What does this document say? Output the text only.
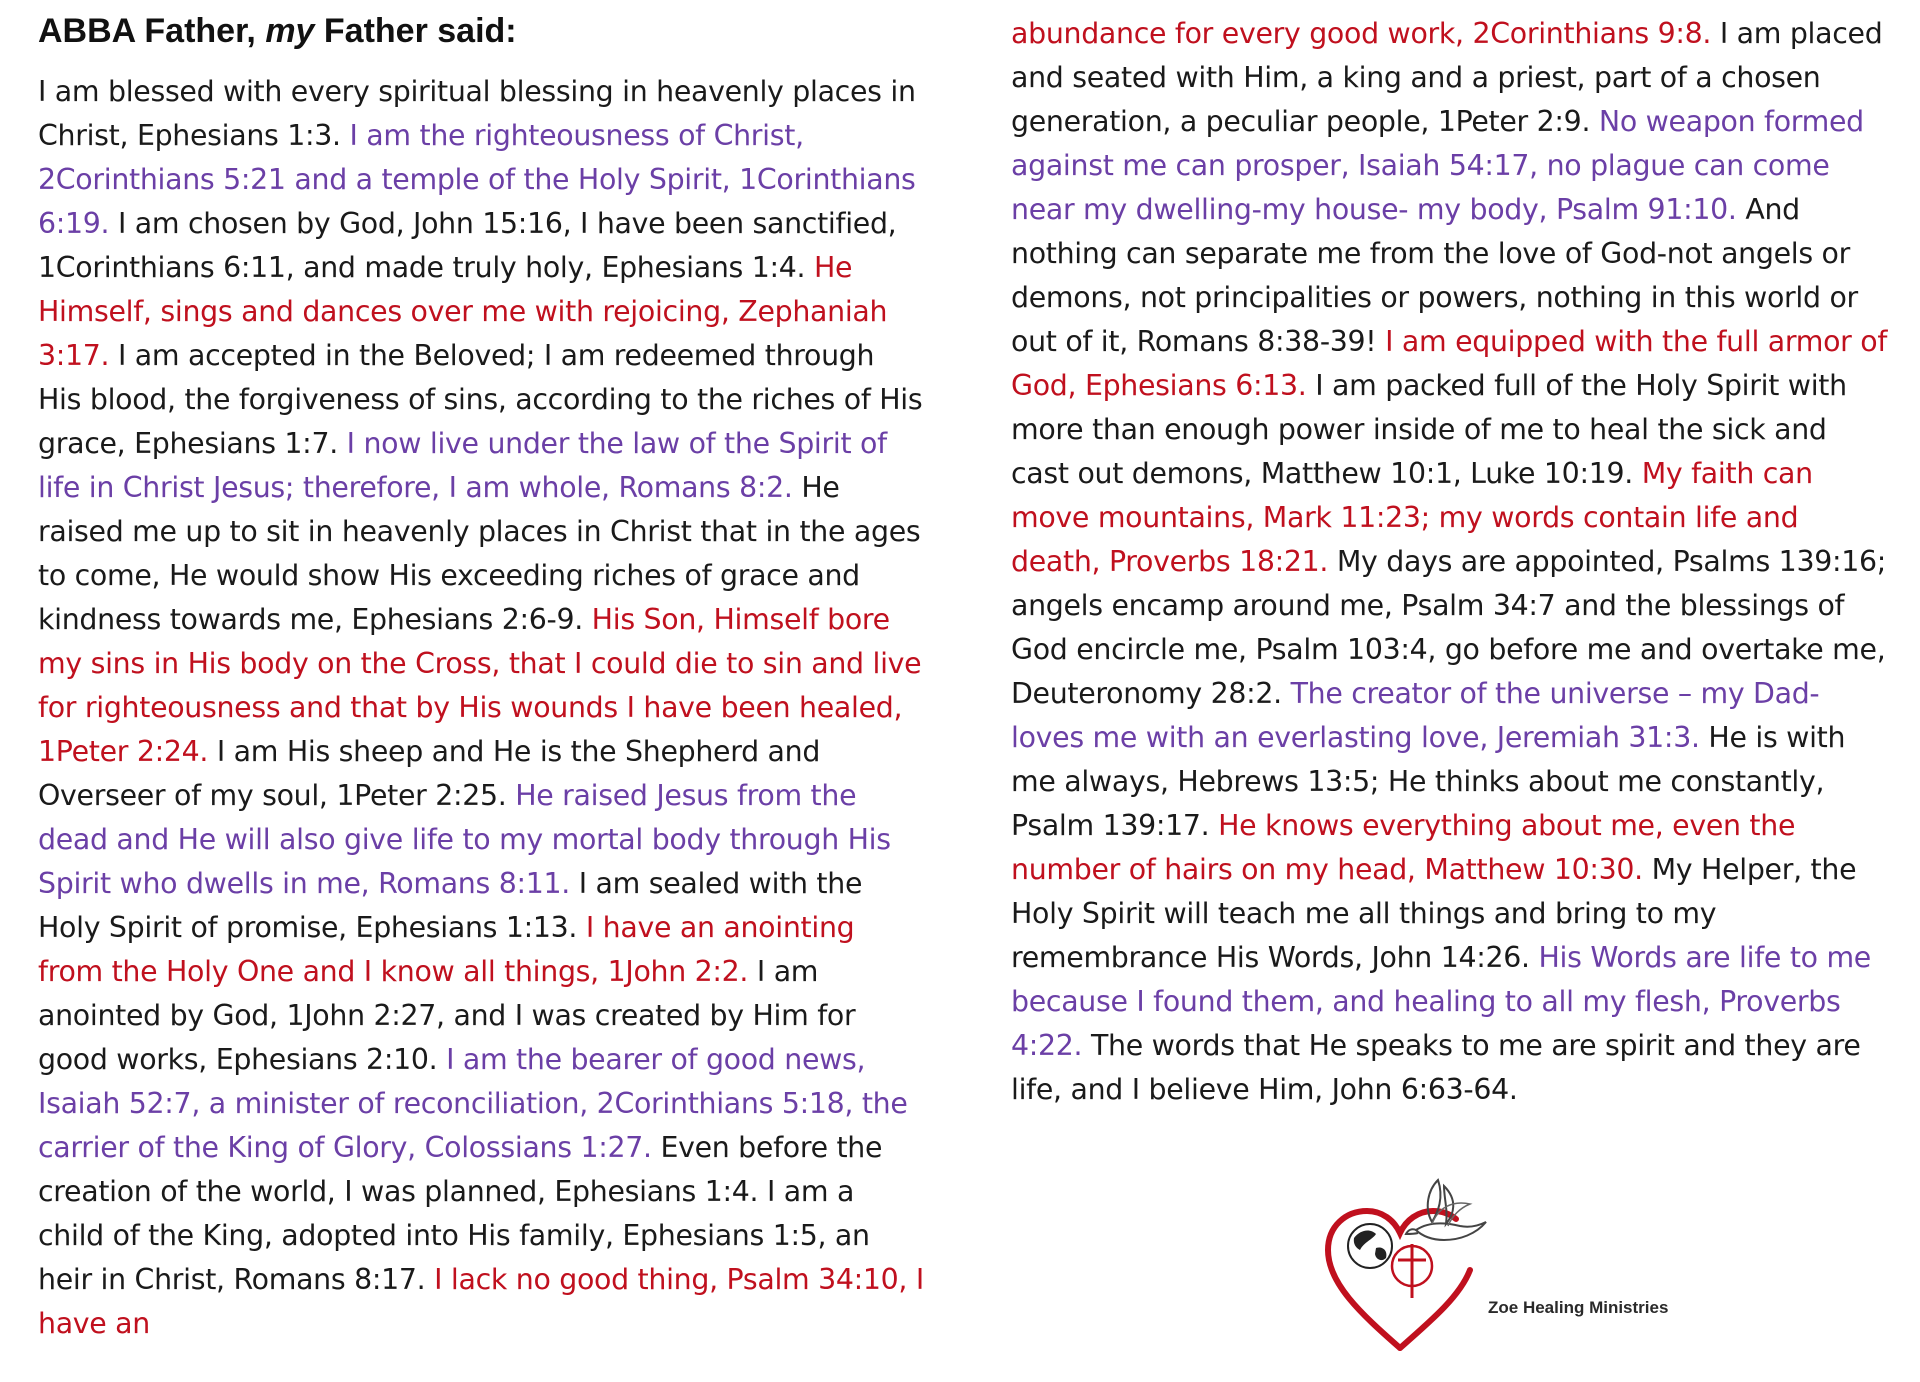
ABBA Father, my Father said:
I am blessed with every spiritual blessing in heavenly places in Christ, Ephesians 1:3. I am the righteousness of Christ, 2Corinthians 5:21 and a temple of the Holy Spirit, 1Corinthians 6:19. I am chosen by God, John 15:16, I have been sanctified, 1Corinthians 6:11, and made truly holy, Ephesians 1:4. He Himself, sings and dances over me with rejoicing, Zephaniah 3:17. I am accepted in the Beloved; I am redeemed through His blood, the forgiveness of sins, according to the riches of His grace, Ephesians 1:7. I now live under the law of the Spirit of life in Christ Jesus; therefore, I am whole, Romans 8:2. He raised me up to sit in heavenly places in Christ that in the ages to come, He would show His exceeding riches of grace and kindness towards me, Ephesians 2:6-9. His Son, Himself bore my sins in His body on the Cross, that I could die to sin and live for righteousness and that by His wounds I have been healed, 1Peter 2:24. I am His sheep and He is the Shepherd and Overseer of my soul, 1Peter 2:25. He raised Jesus from the dead and He will also give life to my mortal body through His Spirit who dwells in me, Romans 8:11. I am sealed with the Holy Spirit of promise, Ephesians 1:13. I have an anointing from the Holy One and I know all things, 1John 2:2. I am anointed by God, 1John 2:27, and I was created by Him for good works, Ephesians 2:10. I am the bearer of good news, Isaiah 52:7, a minister of reconciliation, 2Corinthians 5:18, the carrier of the King of Glory, Colossians 1:27. Even before the creation of the world, I was planned, Ephesians 1:4. I am a child of the King, adopted into His family, Ephesians 1:5, an heir in Christ, Romans 8:17. I lack no good thing, Psalm 34:10, I have an
abundance for every good work, 2Corinthians 9:8. I am placed and seated with Him, a king and a priest, part of a chosen generation, a peculiar people, 1Peter 2:9. No weapon formed against me can prosper, Isaiah 54:17, no plague can come near my dwelling-my house- my body, Psalm 91:10. And nothing can separate me from the love of God-not angels or demons, not principalities or powers, nothing in this world or out of it, Romans 8:38-39! I am equipped with the full armor of God, Ephesians 6:13. I am packed full of the Holy Spirit with more than enough power inside of me to heal the sick and cast out demons, Matthew 10:1, Luke 10:19. My faith can move mountains, Mark 11:23; my words contain life and death, Proverbs 18:21. My days are appointed, Psalms 139:16; angels encamp around me, Psalm 34:7 and the blessings of God encircle me, Psalm 103:4, go before me and overtake me, Deuteronomy 28:2. The creator of the universe – my Dad- loves me with an everlasting love, Jeremiah 31:3. He is with me always, Hebrews 13:5; He thinks about me constantly, Psalm 139:17. He knows everything about me, even the number of hairs on my head, Matthew 10:30. My Helper, the Holy Spirit will teach me all things and bring to my remembrance His Words, John 14:26. His Words are life to me because I found them, and healing to all my flesh, Proverbs 4:22. The words that He speaks to me are spirit and they are life, and I believe Him, John 6:63-64.
Zoe Healing Ministries
